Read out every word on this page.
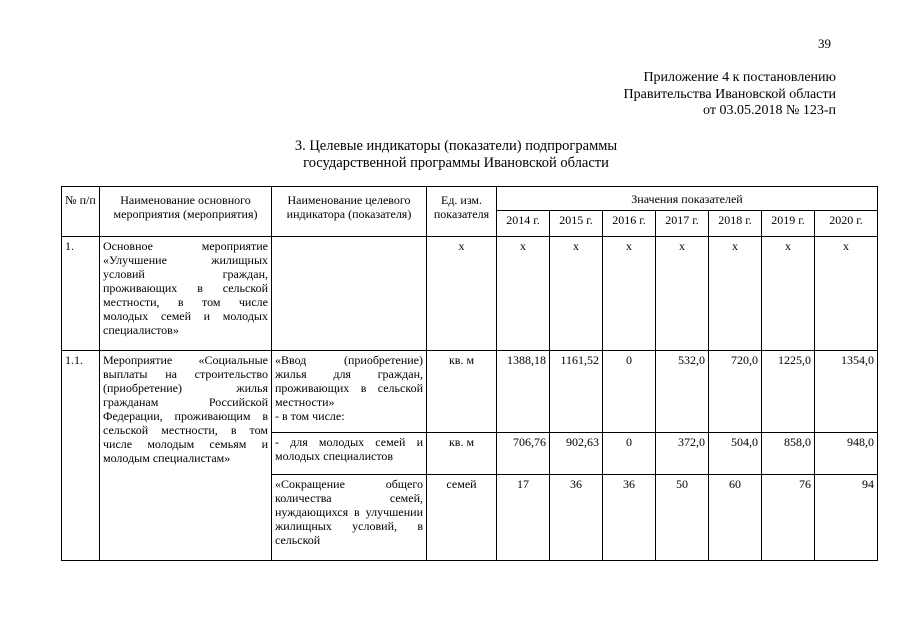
39
Приложение 4 к постановлению
Правительства Ивановской области
от 03.05.2018 № 123-п
3. Целевые индикаторы (показатели) подпрограммы
государственной программы Ивановской области
№ п/п	Наименование основного мероприятия (мероприятия)	Наименование целевого индикатора (показателя)	Ед. изм. показателя	Значения показателей						
				2014 г.	2015 г.	2016 г.	2017 г.	2018 г.	2019 г.	2020 г.
1.	Основное мероприятие «Улучшение жилищных условий граждан, проживающих в сельской местности, в том числе молодых семей и молодых специалистов»		х	х	х	х	х	х	х	х
1.1.	Мероприятие «Социальные выплаты на строительство (приобретение) жилья гражданам Российской Федерации, проживающим в сельской местности, в том числе молодым семьям и молодым специалистам»	«Ввод (приобретение) жилья для граждан, проживающих в сельской местности»
- в том числе:	кв. м	1388,18	1161,52	0	532,0	720,0	1225,0	1354,0
		- для молодых семей и молодых специалистов	кв. м	706,76	902,63	0	372,0	504,0	858,0	948,0
		«Сокращение общего количества семей, нуждающихся в улучшении жилищных условий, в сельской	семей	17	36	36	50	60	76	94
